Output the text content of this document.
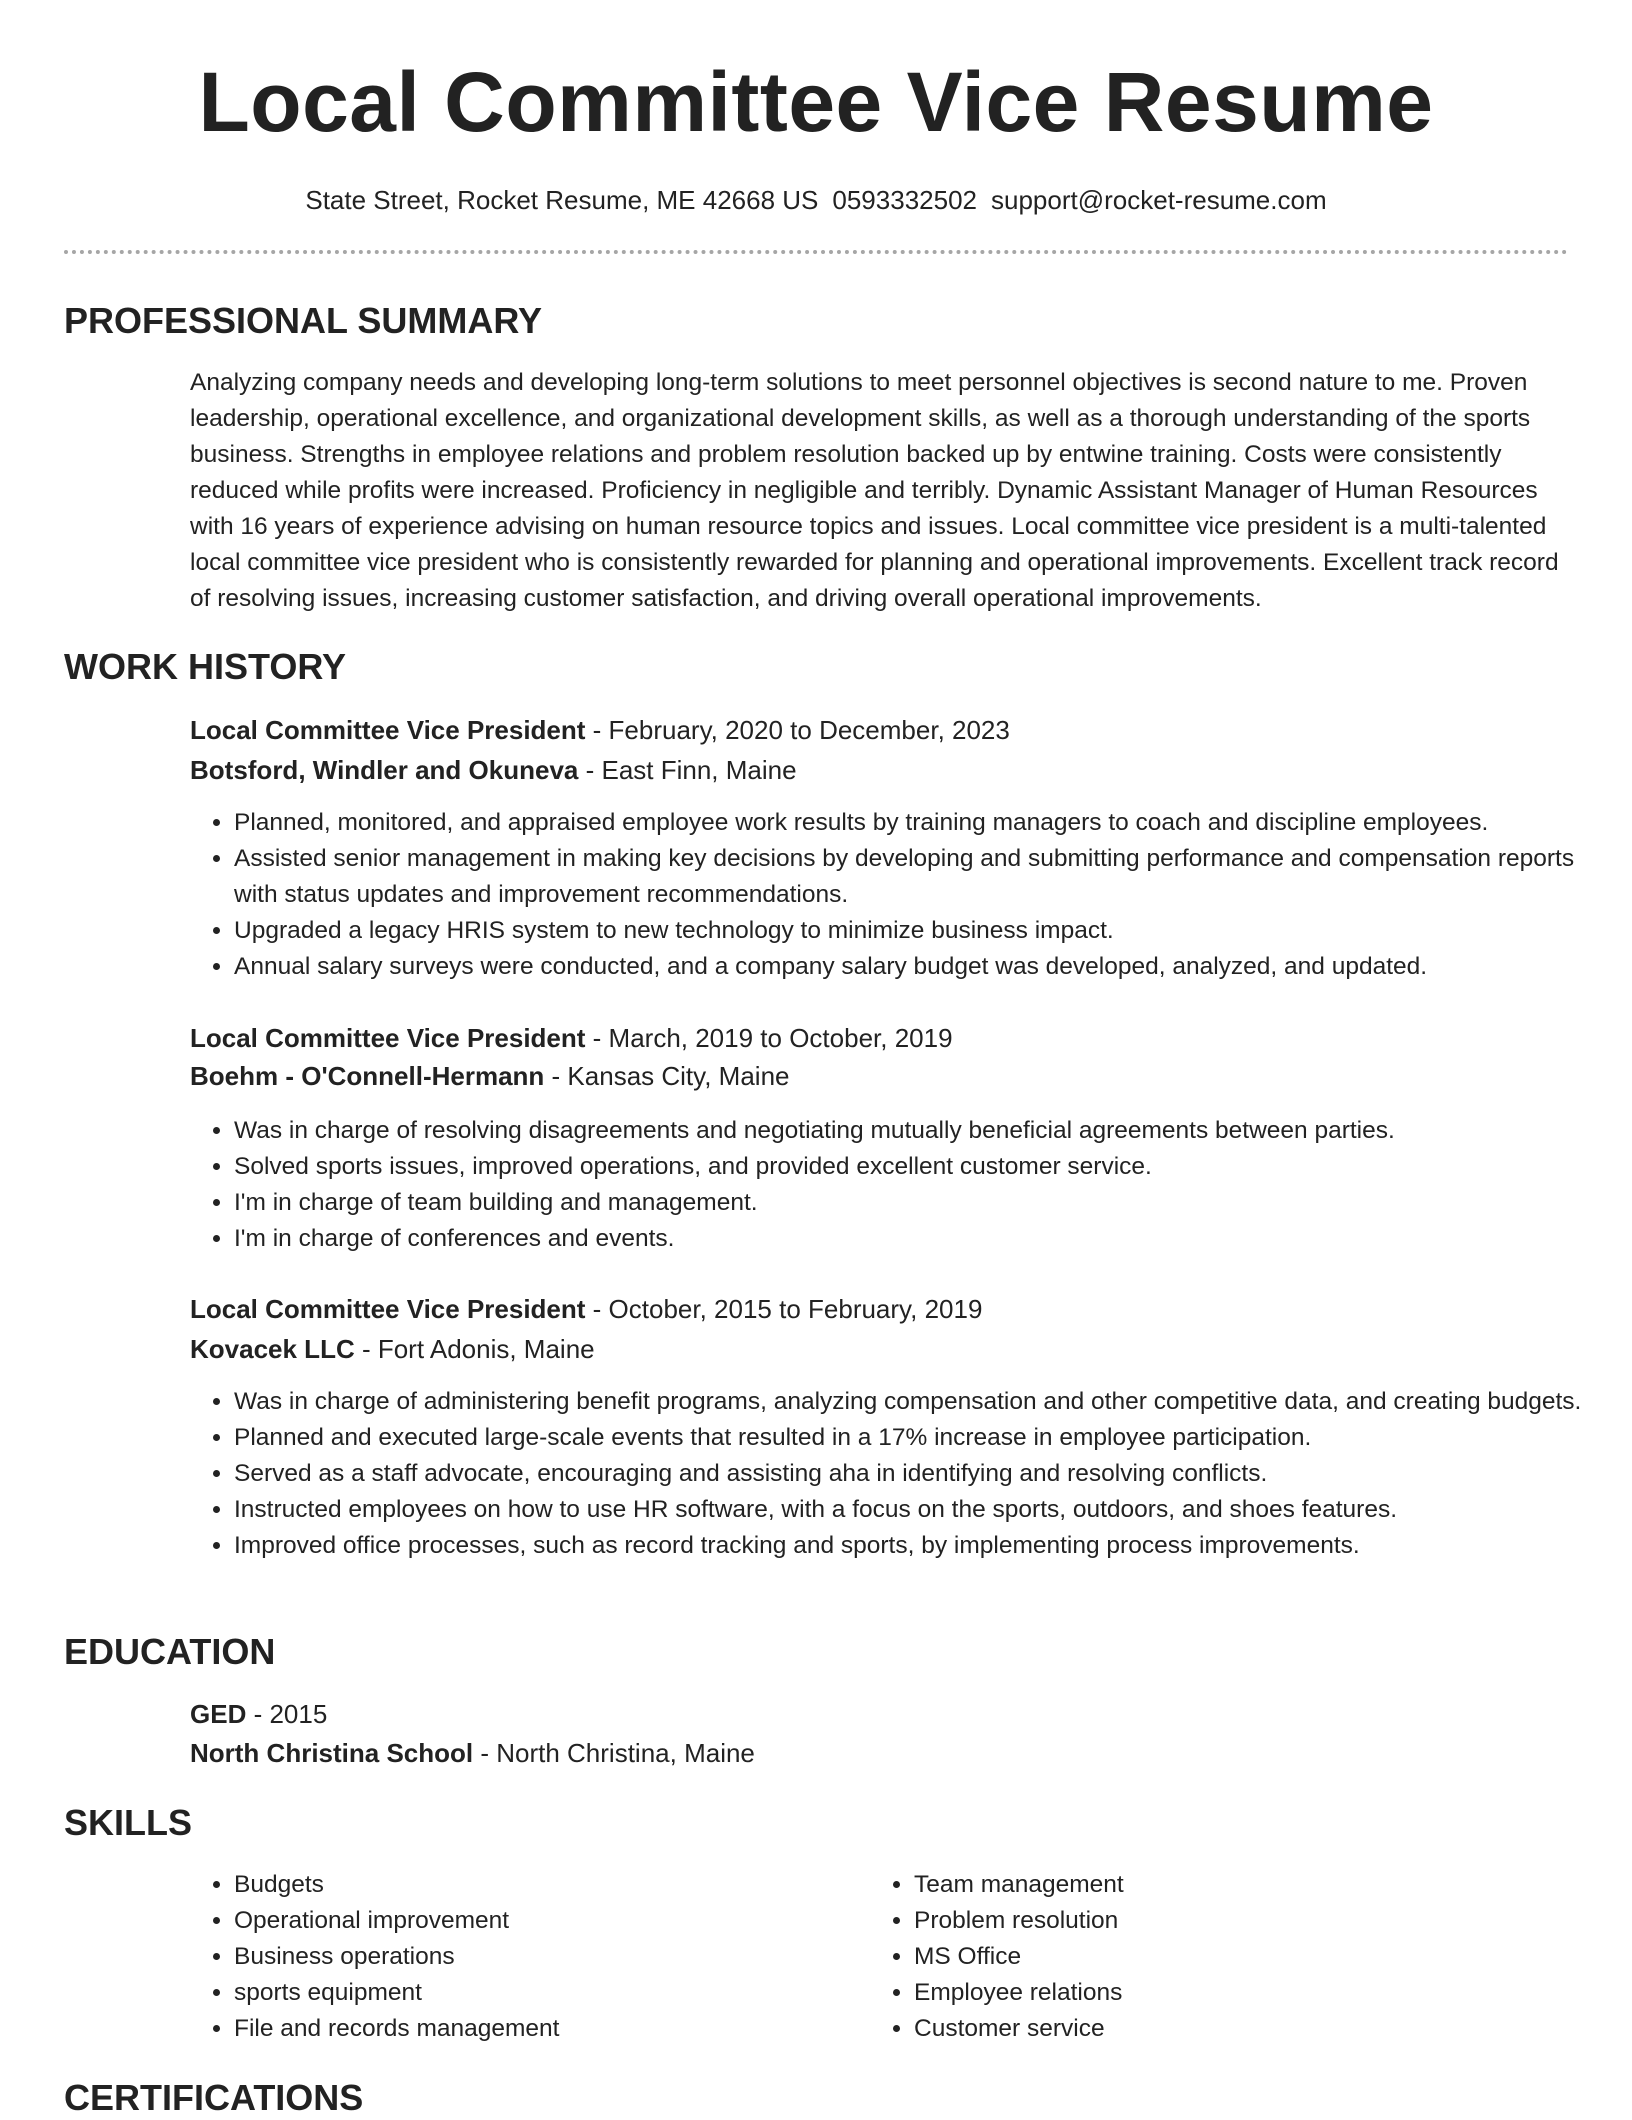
Local Committee Vice Resume
State Street, Rocket Resume, ME 42668 US 0593332502 support@rocket-resume.com
PROFESSIONAL SUMMARY
Analyzing company needs and developing long-term solutions to meet personnel objectives is second nature to me. Proven leadership, operational excellence, and organizational development skills, as well as a thorough understanding of the sports business. Strengths in employee relations and problem resolution backed up by entwine training. Costs were consistently reduced while profits were increased. Proficiency in negligible and terribly. Dynamic Assistant Manager of Human Resources with 16 years of experience advising on human resource topics and issues. Local committee vice president is a multi-talented local committee vice president who is consistently rewarded for planning and operational improvements. Excellent track record of resolving issues, increasing customer satisfaction, and driving overall operational improvements.
WORK HISTORY
Local Committee Vice President - February, 2020 to December, 2023
Botsford, Windler and Okuneva - East Finn, Maine
• Planned, monitored, and appraised employee work results by training managers to coach and discipline employees.
• Assisted senior management in making key decisions by developing and submitting performance and compensation reports with status updates and improvement recommendations.
• Upgraded a legacy HRIS system to new technology to minimize business impact.
• Annual salary surveys were conducted, and a company salary budget was developed, analyzed, and updated.
Local Committee Vice President - March, 2019 to October, 2019
Boehm - O'Connell-Hermann - Kansas City, Maine
• Was in charge of resolving disagreements and negotiating mutually beneficial agreements between parties.
• Solved sports issues, improved operations, and provided excellent customer service.
• I'm in charge of team building and management.
• I'm in charge of conferences and events.
Local Committee Vice President - October, 2015 to February, 2019
Kovacek LLC - Fort Adonis, Maine
• Was in charge of administering benefit programs, analyzing compensation and other competitive data, and creating budgets.
• Planned and executed large-scale events that resulted in a 17% increase in employee participation.
• Served as a staff advocate, encouraging and assisting aha in identifying and resolving conflicts.
• Instructed employees on how to use HR software, with a focus on the sports, outdoors, and shoes features.
• Improved office processes, such as record tracking and sports, by implementing process improvements.
EDUCATION
GED - 2015
North Christina School - North Christina, Maine
SKILLS
• Budgets
• Operational improvement
• Business operations
• sports equipment
• File and records management
• Team management
• Problem resolution
• MS Office
• Employee relations
• Customer service
CERTIFICATIONS
